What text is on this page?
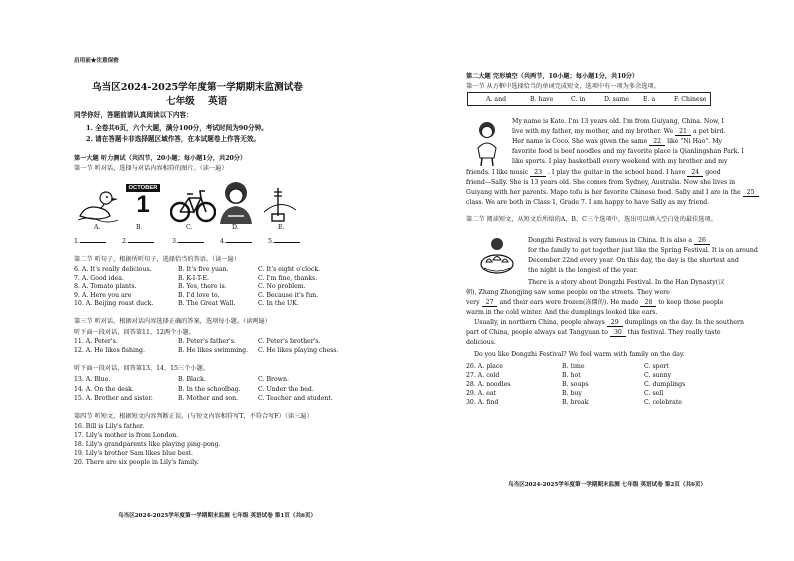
启用前★注意保密
乌当区2024-2025学年度第一学期期末监测试卷
七年级    英语
同学你好，答题前请认真阅读以下内容：
1. 全卷共6页，六个大题，满分100分，考试时间为90分钟。
2. 请在答题卡非选择题区域作答，在本试题卷上作答无效。
第一大题 听力测试（共四节，20小题；每小题1分，共20分）
第一节 听对话，选择与对话内容相符的图片。（读一遍）
OCTOBER
1
A.	B.	C.	D.	E.
1.	2.	3.	4.	5.
第二节 听句子，根据所听句子，选择恰当的答语。（读一遍）
6. A. It's really delicious.	B. It's five yuan.	C. It's eight o'clock.
7. A. Good idea.	B. K-I-T-E.	C. I'm fine, thanks.
8. A. Tomato plants.	B. Yes, there is.	C. No problem.
9. A. Here you are	B. I'd love to.	C. Because it's fun.
10. A. Beijing roast duck.	B. The Great Wall.	C. In the UK.
第三节 听对话，根据对话内容选择正确的答案，选项每小题。（读两遍）
听下面一段对话，回答第11、12两个小题。
11. A. Peter's.	B. Peter's father's.	C. Peter's brother's.
12. A. He likes fishing.	B. He likes swimming. C. He likes playing chess.
听下面一段对话，回答第13、14、15三个小题。
13. A. Blue.	B. Black.	C. Brown.
14. A. On the desk.	B. In the schoolbag.	C. Under the bed.
15. A. Brother and sister.	B. Mother and son.	C. Teacher and student.
第四节 听短文，根据短文内容判断正误。(与短文内容相符写T，不符合写F）（读三遍）
16. Bill is Lily's father.
17. Lily's mother is from London.
18. Lily's grandparents like playing ping-pong.
19. Lily's brother Sam likes blue best.
20. There are six people in Lily's family.
乌当区2024-2025学年度第一学期期末监测 七年级 英语试卷 第1页（共6页）
第二大题 完形填空（共两节，10小题；每小题1分，共10分）
第一节 从方框中选择恰当的单词完成短文，选项中有一项为多余选项。
A. and	B. have	C. in	D. same E. a	F. Chinese
My name is Kate. I'm 13 years old. I'm from Guiyang, China. Now, I
live with my father, my mother, and my brother. We 21 a pet bird.
Her name is Coco. She was given the same 22 like "Ni Hao". My
favorite food is beef noodles and my favorite place is Qianlingshan Park. I
like sports. I play basketball every weekend with my brother and my
friends. I like music 23 . I play the guitar in the school band. I have 24 good
friend—Sally. She is 13 years old. She comes from Sydney, Australia. Now she lives in
Guiyang with her parents. Mapo tofu is her favorite Chinese food. Sally and I are in the 25
class. We are both in Class 1, Grade 7. I am happy to have Sally as my friend.
第二节 阅读短文，从短文后所给的A、B、C三个选项中，选出可以填入空白处的最佳选项。
Dongzhi Festival is very famous in China. It is also a 26
for the family to get together just like the Spring Festival. It is on around
December 22nd every year. On this day, the day is the shortest and
the night is the longest of the year.
There is a story about Dongzhi Festival. In the Han Dynasty(汉
朝), Zhang Zhongjing saw some people on the streets. They were
very 27 and their ears were frozen(冻僵的). He made 28 to keep those people
warm in the cold winter. And the dumplings looked like ears.
Usually, in northern China, people always 29 dumplings on the day. In the southern
part of China, people always eat Tangyuan to 30 this festival. They really taste
delicious.
Do you like Dongzhi Festival? We feel warm with family on the day.
26. A. place	B. time	C. sport
27. A. cold	B. hot	C. sunny
28. A. noodles	B. soups	C. dumplings
29. A. eat	B. buy	C. sell
30. A. find	B. break	C. celebrate
乌当区2024-2025学年度第一学期期末监测 七年级 英语试卷 第2页（共6页）
